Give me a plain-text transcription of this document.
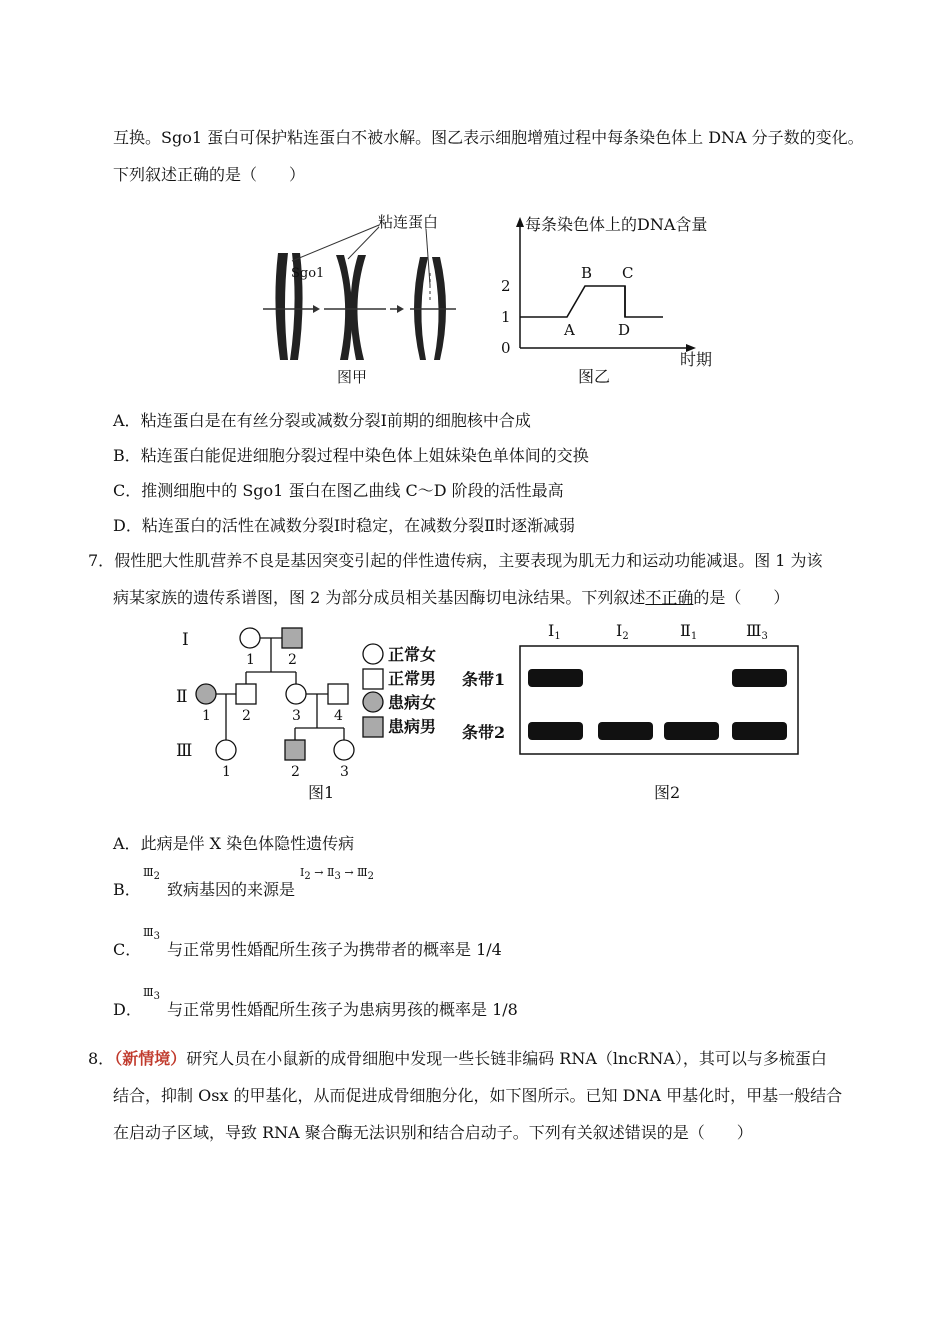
互换。Sgo1 蛋白可保护粘连蛋白不被水解。图乙表示细胞增殖过程中每条染色体上 DNA 分子数的变化。
下列叙述正确的是（　　）
粘连蛋白
Sgo1
图甲
每条染色体上的DNA含量
时期
0
1
2
A
B C
D
图乙
A．粘连蛋白是在有丝分裂或减数分裂Ⅰ前期的细胞核中合成
B．粘连蛋白能促进细胞分裂过程中染色体上姐妹染色单体间的交换
C．推测细胞中的 Sgo1 蛋白在图乙曲线 C～D 阶段的活性最高
D．粘连蛋白的活性在减数分裂Ⅰ时稳定，在减数分裂Ⅱ时逐渐减弱
7．假性肥大性肌营养不良是基因突变引起的伴性遗传病，主要表现为肌无力和运动功能减退。图 1 为该
病某家族的遗传系谱图，图 2 为部分成员相关基因酶切电泳结果。下列叙述不正确的是（　　）
Ⅰ
Ⅱ
Ⅲ
1 2
1 2	3 4
1	2	3
正常女
正常男
患病女
患病男
图1
Ⅰ1	Ⅰ2	Ⅱ1	Ⅲ3
条带1
条带2
图2
A．此病是伴 X 染色体隐性遗传病
B．
Ⅲ2
致病基因的来源是
Ⅰ2 → Ⅱ3 → Ⅲ2
C．
Ⅲ3
与正常男性婚配所生孩子为携带者的概率是 1/4
D．
Ⅲ3
与正常男性婚配所生孩子为患病男孩的概率是 1/8
8．（新情境）研究人员在小鼠新的成骨细胞中发现一些长链非编码 RNA（lncRNA），其可以与多梳蛋白
结合，抑制 Osx 的甲基化，从而促进成骨细胞分化，如下图所示。已知 DNA 甲基化时，甲基一般结合
在启动子区域，导致 RNA 聚合酶无法识别和结合启动子。下列有关叙述错误的是（　　）
